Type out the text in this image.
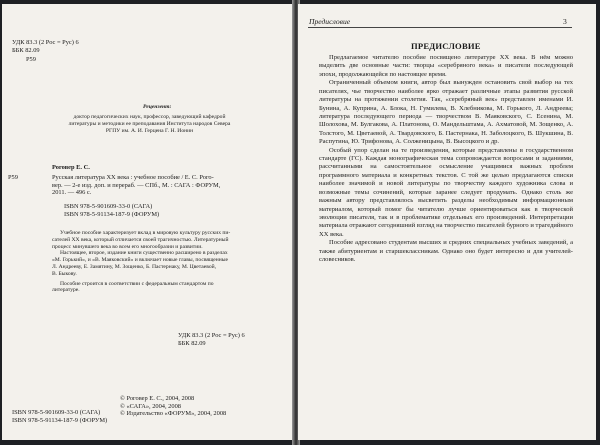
УДК 83.3 (2 Рос = Рус) 6
ББК 82.09
Р59
Рецензент:
доктор педагогических наук, профессор, заведующий кафедрой
литературы и методики ее преподавания Института народов Севера
РГПУ им. А. И. Герцена Г. Н. Ионин
Роговер Е. С.
Р59	Русская литература XX века : учебное пособие / Е. С. Рого-
вер. — 2-е изд. доп. и перераб. — СПб., М. : САГА : ФОРУМ,
2011. — 496 с.
ISBN 978-5-901609-33-0 (САГА)
ISBN 978-5-91134-187-9 (ФОРУМ)
Учебное пособие характеризует вклад в мировую культуру русских пи-
сателей XX века, который отличается своей трагичностью. Литературный
процесс минувшего века во всем его многообразии и развитии.
Настоящее, второе, издание книги существенно расширено в разделах
«М. Горький», и «В. Маяковский» и включает новые главы, посвященные
Л. Андрееву, Е. Замятину, М. Зощенко, Б. Пастернаку, М. Цветаевой,
В. Быкову.
Пособие строится в соответствии с федеральным стандартом по
литературе.
УДК 83.3 (2 Рос = Рус) 6
ББК 82.09
ISBN 978-5-901609-33-0 (САГА)
ISBN 978-5-91134-187-9 (ФОРУМ)
© Роговер Е. С., 2004, 2008
© «САГА», 2004, 2008
© Издательство «ФОРУМ», 2004, 2008
Предисловие	3
ПРЕДИСЛОВИЕ

Предлагаемое читателю пособие посвящено литературе XX века. В нём можно выделить две основные части: творцы «серебряного века» и писатели последующей эпохи, продолжающейся по настоящее время.

Ограниченный объемом книги, автор был вынужден остановить свой выбор на тех писателях, чье творчество наиболее ярко отражает различные этапы развития русской литературы на протяжении столетия. Так, «серебряный век» представлен именами И. Бунина, А. Куприна, А. Блока, Н. Гумилева, В. Хлебникова, М. Горького, Л. Андреева; литература последующего периода — творчеством В. Маяковского, С. Есенина, М. Шолохова, М. Булгакова, А. Платонова, О. Мандельштама, А. Ахматовой, М. Зощенко, А. Толстого, М. Цветаевой, А. Твардовского, Б. Пастернака, Н. Заболоцкого, В. Шукшина, В. Распутина, Ю. Трифонова, А. Солженицына, В. Высоцкого и др.

Особый упор сделан на те произведения, которые представлены в государственном стандарте (ГС). Каждая монографическая тема сопровождается вопросами и заданиями, рассчитанными на самостоятельное осмысление учащимися важных проблем программного материала и конкретных текстов. С той же целью предлагаются списки наиболее значимой и новой литературы по творчеству каждого художника слова и возможные темы сочинений, которые заранее следует продумать. Однако столь же важным автору представлялось высветить разделы необходимым информационным материалом, который помог бы читателю лучше ориентироваться как в творческой эволюции писателя, так и в проблематике отдельных его произведений. Интерпретации материала отражают сегодняшний взгляд на творчество писателей бурного и трагедийного XX века.

Пособие адресовано студентам высших и средних специальных учебных заведений, а также абитуриентам и старшеклассникам. Однако оно будет интересно и для учителей-словесников.
